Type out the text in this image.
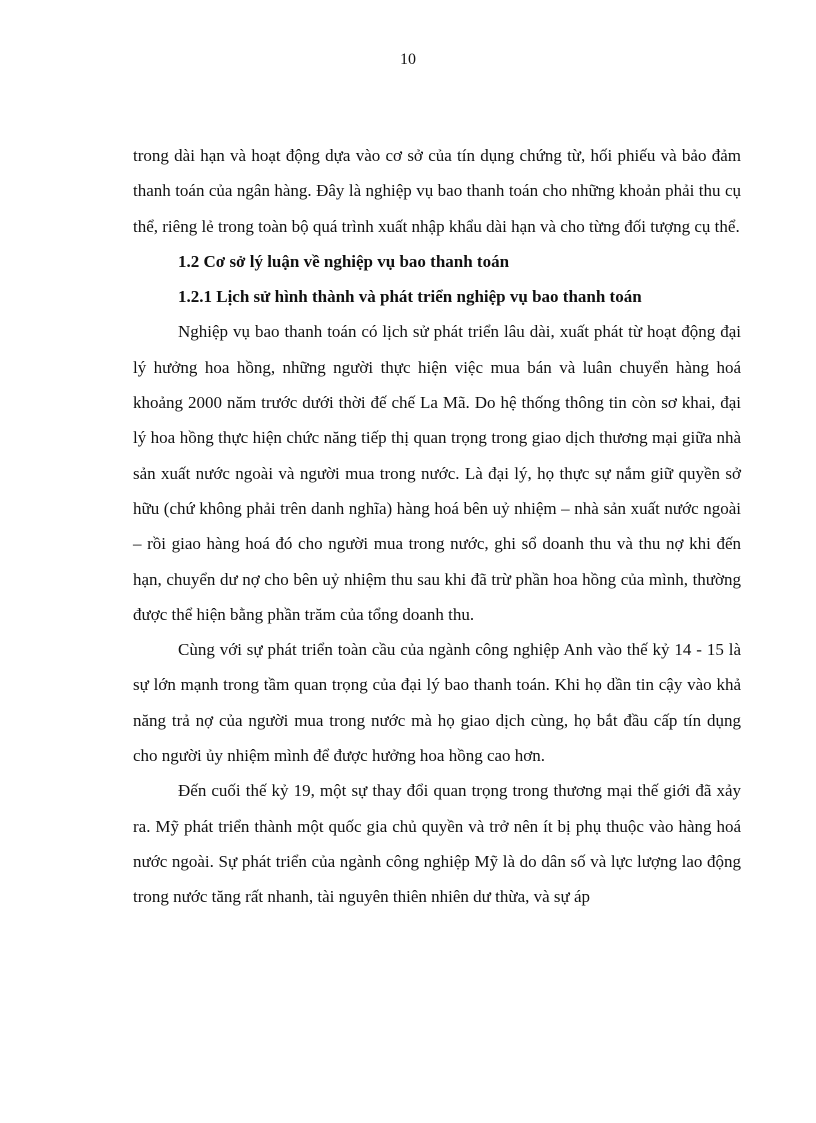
10

trong dài hạn và hoạt động dựa vào cơ sở của tín dụng chứng từ, hối phiếu và bảo đảm thanh toán của ngân hàng. Đây là nghiệp vụ bao thanh toán cho những khoản phải thu cụ thể, riêng lẻ trong toàn bộ quá trình xuất nhập khẩu dài hạn và cho từng đối tượng cụ thể.

1.2 Cơ sở lý luận về nghiệp vụ bao thanh toán
1.2.1 Lịch sử hình thành và phát triển nghiệp vụ bao thanh toán

Nghiệp vụ bao thanh toán có lịch sử phát triển lâu dài, xuất phát từ hoạt động đại lý hưởng hoa hồng, những người thực hiện việc mua bán và luân chuyển hàng hoá khoảng 2000 năm trước dưới thời đế chế La Mã. Do hệ thống thông tin còn sơ khai, đại lý hoa hồng thực hiện chức năng tiếp thị quan trọng trong giao dịch thương mại giữa nhà sản xuất nước ngoài và người mua trong nước. Là đại lý, họ thực sự nắm giữ quyền sở hữu (chứ không phải trên danh nghĩa) hàng hoá bên uỷ nhiệm – nhà sản xuất nước ngoài – rồi giao hàng hoá đó cho người mua trong nước, ghi sổ doanh thu và thu nợ khi đến hạn, chuyển dư nợ cho bên uỷ nhiệm thu sau khi đã trừ phần hoa hồng của mình, thường được thể hiện bằng phần trăm của tổng doanh thu.

Cùng với sự phát triển toàn cầu của ngành công nghiệp Anh vào thế kỷ 14 - 15 là sự lớn mạnh trong tầm quan trọng của đại lý bao thanh toán. Khi họ dần tin cậy vào khả năng trả nợ của người mua trong nước mà họ giao dịch cùng, họ bắt đầu cấp tín dụng cho người ủy nhiệm mình để được hưởng hoa hồng cao hơn.

Đến cuối thế kỷ 19, một sự thay đổi quan trọng trong thương mại thế giới đã xảy ra. Mỹ phát triển thành một quốc gia chủ quyền và trở nên ít bị phụ thuộc vào hàng hoá nước ngoài. Sự phát triển của ngành công nghiệp Mỹ là do dân số và lực lượng lao động trong nước tăng rất nhanh, tài nguyên thiên nhiên dư thừa, và sự áp
